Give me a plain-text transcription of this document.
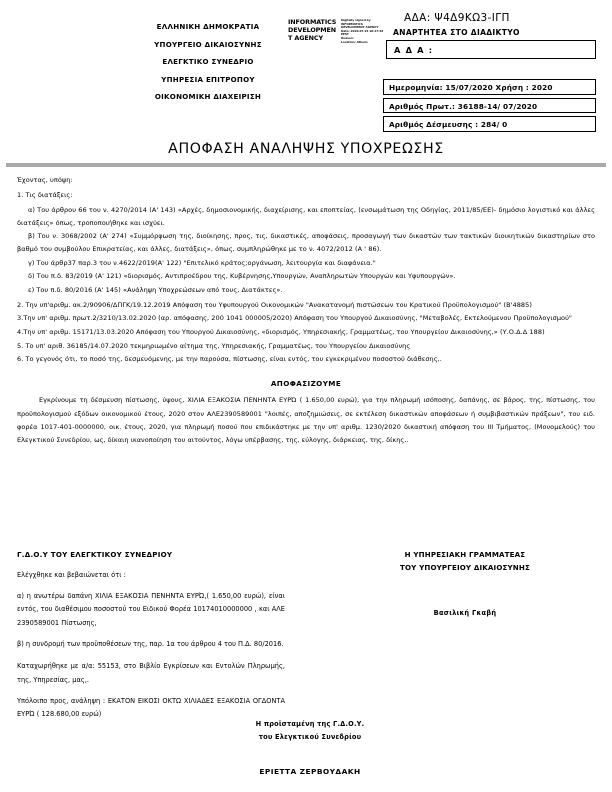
ΕΛΛΗΝΙΚΗ ΔΗΜΟΚΡΑΤΙΑ
ΥΠΟΥΡΓΕΙΟ ΔΙΚΑΙΟΣΥΝΗΣ
ΕΛΕΓΚΤΙΚΟ ΣΥΝΕΔΡΙΟ
ΥΠΗΡΕΣΙΑ ΕΠΙΤΡΟΠΟΥ
ΟΙΚΟΝΟΜΙΚΗ ΔΙΑΧΕΙΡΙΣΗ
INFORMATICS
DEVELOPMEN
T AGENCY
Digitally signed by
INFORMATICS
DEVELOPMENT AGENCY
Date: 2020.07.15 10:17:48
EEST
Reason:
Location: Athens
ΑΔΑ: Ψ4Δ9ΚΩ3-ΙΓΠ
ΑΝΑΡΤΗΤΕΑ ΣΤΟ ΔΙΑΔΙΚΤΥΟ
Α Δ Α :
Ημερομηνία: 15/07/2020 Χρήση : 2020
Αριθμός Πρωτ.: 36188-14/ 07/2020
Αριθμός Δέσμευσης : 284/ 0
ΑΠΟΦΑΣΗ ΑΝΑΛΗΨΗΣ ΥΠΟΧΡΕΩΣΗΣ

Έχοντας, υπόψη:

1. Τις διατάξεις:

α) Του άρθρου 66 του ν. 4270/2014 (Α' 143) «Αρχές, δημοσιονομικής, διαχείρισης, και εποπτείας, (ενσωμάτωση της Οδηγίας, 2011/85/ΕΕ)- δημόσιο λογιστικό και άλλες διατάξεις» όπως, τροποποιήθηκε και ισχύει.

β) Του ν. 3068/2002 (Α' 274) «Συμμόρφωση της, διοίκησης, προς, τις, δικαστικές, αποφάσεις, προσαγωγή των δικαστών των τακτικών διοικητικών δικαστηρίων στο βαθμό του συμβούλου Επικρατείας, και άλλες, διατάξεις», όπως, συμπληρώθηκε με το ν. 4072/2012 (Α ' 86).

γ) Του άρθρ37 παρ.3 του ν.4622/2019(Α' 122) "Επιτελικό κράτος;οργάνωση, λειτουργία και διαφάνεια."

δ) Του π.δ. 83/2019 (Α' 121) «διορισμός, Αντιπροέδρου της, Κυβέρνησης,Υπουργών, Αναπληρωτών Υπουργών και Υφυπουργών».

ε) Του π.δ. 80/2016 (Α' 145) «Ανάληψη Υποχρεώσεων από τους, Διατάκτες».

2. Την υπ'αριθμ. ακ.2/90906/ΔΠΓΚ/19.12.2019 Απόφαση του Υφυπουργού Οικονομικών "Ανακατανομή πιστώσεων του Κρατικού Προϋπολογισμού" (Β'4885)

3.Την υπ' αριθμ. πρωτ.2/3210/13.02.2020 (αρ. απόφασης, 200 1041 000005/2020) Απόφαση του Υπουργού Δικαιοσύνης, "Μεταβολές, Εκτελούμενου Προϋπολογισμού"

4.Την υπ' αριθμ. 15171/13.03.2020 Απόφαση του Υπουργού Δικαιοσύνης, «διορισμός, Υπηρεσιακής, Γραμματέως, του Υπουργείου Δικαιοσύνης,» (Υ.Ο.Δ.Δ 188)

5. Το υπ' αριθ. 36185/14.07.2020 τεκμηριωμένο αίτημα της, Υπηρεσιακής, Γραμματέως, του Υπουργείου Δικαιοσύνης

6. Το γεγονός ότι, το ποσό της, δεσμευόμενης, με την παρούσα, πίστωσης, είναι εντός, του εγκεκριμένου ποσοστού διάθεσης,.

ΑΠΟΦΑΣΙΖΟΥΜΕ

Εγκρίνουμε τη δέσμευση πίστωσης, ύψους, ΧΙΛΙΑ ΕΞΑΚΟΣΙΑ ΠΕΝΗΝΤΑ ΕΥΡΏ ( 1.650,00 ευρώ), για την πληρωμή ισόποσης, δαπάνης, σε βάρος, της, πίστωσης, του προϋπολογισμού εξόδων οικονομικού έτους, 2020 στον ΑΛΕ2390589001 "λοιπές, αποζημιώσεις, σε εκτέλεση δικαστικών αποφάσεων ή συμβιβαστικών πράξεων", του ειδ. φορέα 1017-401-0000000, οικ. έτους, 2020, για πληρωμή ποσού που επιδικάστηκε με την υπ' αριθμ. 1230/2020 δικαστική απόφαση του ΙΙΙ Τμήματος, (Μονομελούς) του Ελεγκτικού Συνεδρίου, ως, δίκαιη ικανοποίηση του αιτούντος, λόγω υπέρβασης, της, εύλογης, διάρκειας, της, δίκης,.

Γ.Δ.Ο.Υ ΤΟΥ ΕΛΕΓΚΤΙΚΟΥ ΣΥΝΕΔΡΙΟΥ

Ελέγχθηκε και βεβαιώνεται ότι :

α) η ανωτέρω δαπάνη ΧΙΛΙΑ ΕΞΑΚΟΣΙΑ ΠΕΝΗΝΤΑ ΕΥΡΏ,( 1.650,00 ευρώ), είναι εντός, του διαθέσιμου ποσοστού του Ειδικού Φορέα 10174010000000 , και ΑΛΕ 2390589001 Πίστωσης,

β) η συνδρομή των προϋποθέσεων της, παρ. 1α του άρθρου 4 του Π.Δ. 80/2016.

Καταχωρήθηκε με α/α: 55153, στο Βιβλίο Εγκρίσεων και Εντολών Πληρωμής, της, Υπηρεσίας, μας,.

Υπόλοιπο προς, ανάληψη : ΕΚΑΤΟΝ ΕΙΚΟΣΙ ΟΚΤΩ ΧΙΛΙΑΔΕΣ ΕΞΑΚΟΣΙΑ ΟΓΔΟΝΤΑ ΕΥΡΏ ( 128.680,00 ευρώ)

Η ΥΠΗΡΕΣΙΑΚΗ ΓΡΑΜΜΑΤΕΑΣ
ΤΟΥ ΥΠΟΥΡΓΕΙΟΥ ΔΙΚΑΙΟΣΥΝΗΣ
Βασιλική Γκαβή
Η προϊσταμένη της Γ.Δ.Ο.Υ.
του Ελεγκτικού Συνεδρίου
ΕΡΙΕΤΤΑ ΖΕΡΒΟΥΔΑΚΗ
